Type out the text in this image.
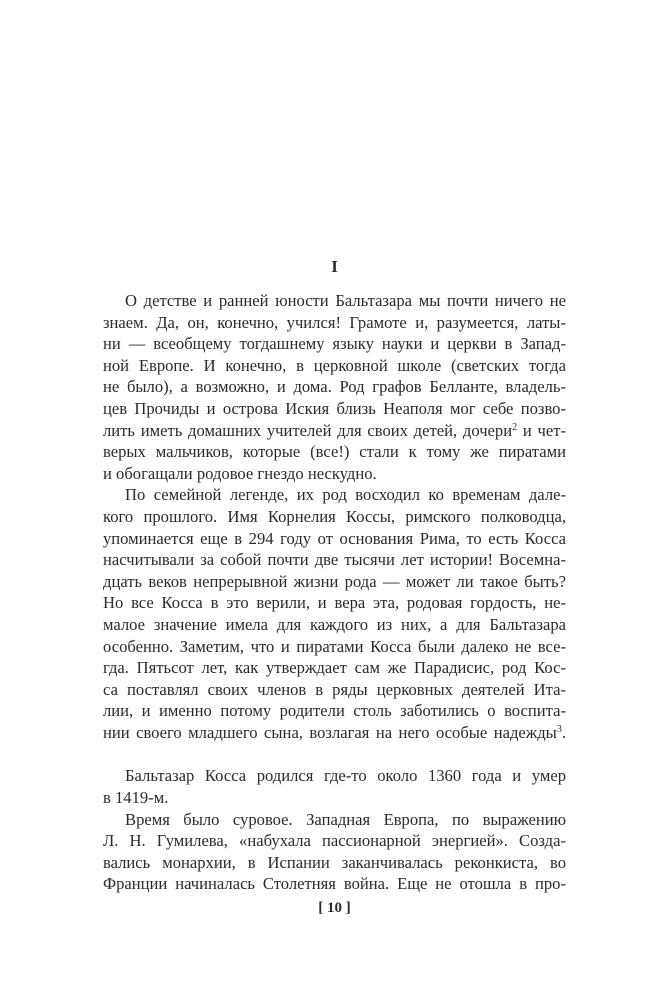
I
О детстве и ранней юности Бальтазара мы почти ничего не
знаем. Да, он, конечно, учился! Грамоте и, разумеется, латы-
ни — всеобщему тогдашнему языку науки и церкви в Запад-
ной Европе. И конечно, в церковной школе (светских тогда
не было), а возможно, и дома. Род графов Белланте, владель-
цев Прочиды и острова Иския близь Неаполя мог себе позво-
лить иметь домашних учителей для своих детей, дочери$^2$ и чет-
верых мальчиков, которые (все!) стали к тому же пиратами
и обогащали родовое гнездо нескудно.
По семейной легенде, их род восходил ко временам дале-
кого прошлого. Имя Корнелия Коссы, римского полководца,
упоминается еще в 294 году от основания Рима, то есть Косса
насчитывали за собой почти две тысячи лет истории! Восемна-
дцать веков непрерывной жизни рода — может ли такое быть?
Но все Косса в это верили, и вера эта, родовая гордость, не-
малое значение имела для каждого из них, а для Бальтазара
особенно. Заметим, что и пиратами Косса были далеко не все-
гда. Пятьсот лет, как утверждает сам же Парадисис, род Кос-
са поставлял своих членов в ряды церковных деятелей Ита-
лии, и именно потому родители столь заботились о воспита-
нии своего младшего сына, возлагая на него особые надежды$^3$.
Бальтазар Косса родился где-то около 1360 года и умер
в 1419-м.
Время было суровое. Западная Европа, по выражению
Л. Н. Гумилева, «набухала пассионарной энергией». Созда-
вались монархии, в Испании заканчивалась реконкиста, во
Франции начиналась Столетняя война. Еще не отошла в про-
[ 10 ]
